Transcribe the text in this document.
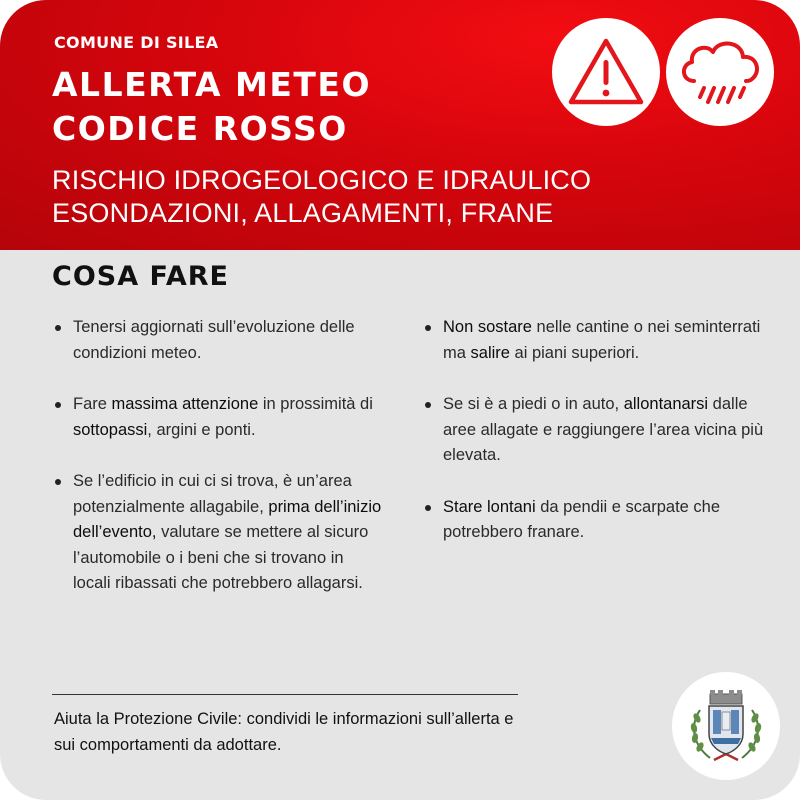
COMUNE DI SILEA
ALLERTA METEO
CODICE ROSSO
RISCHIO IDROGEOLOGICO E IDRAULICO
ESONDAZIONI, ALLAGAMENTI, FRANE
COSA FARE

Tenersi aggiornati sull’evoluzione delle condizioni meteo.

Fare massima attenzione in prossimità di sottopassi, argini e ponti.

Se l’edificio in cui ci si trova, è un’area potenzialmente allagabile, prima dell’inizio dell’evento, valutare se mettere al sicuro l’automobile o i beni che si trovano in locali ribassati che potrebbero allagarsi.

Non sostare nelle cantine o nei seminterrati ma salire ai piani superiori.

Se si è a piedi o in auto, allontanarsi dalle aree allagate e raggiungere l’area vicina più elevata.

Stare lontani da pendii e scarpate che potrebbero franare.

Aiuta la Protezione Civile: condividi le informazioni sull’allerta e sui comportamenti da adottare.
